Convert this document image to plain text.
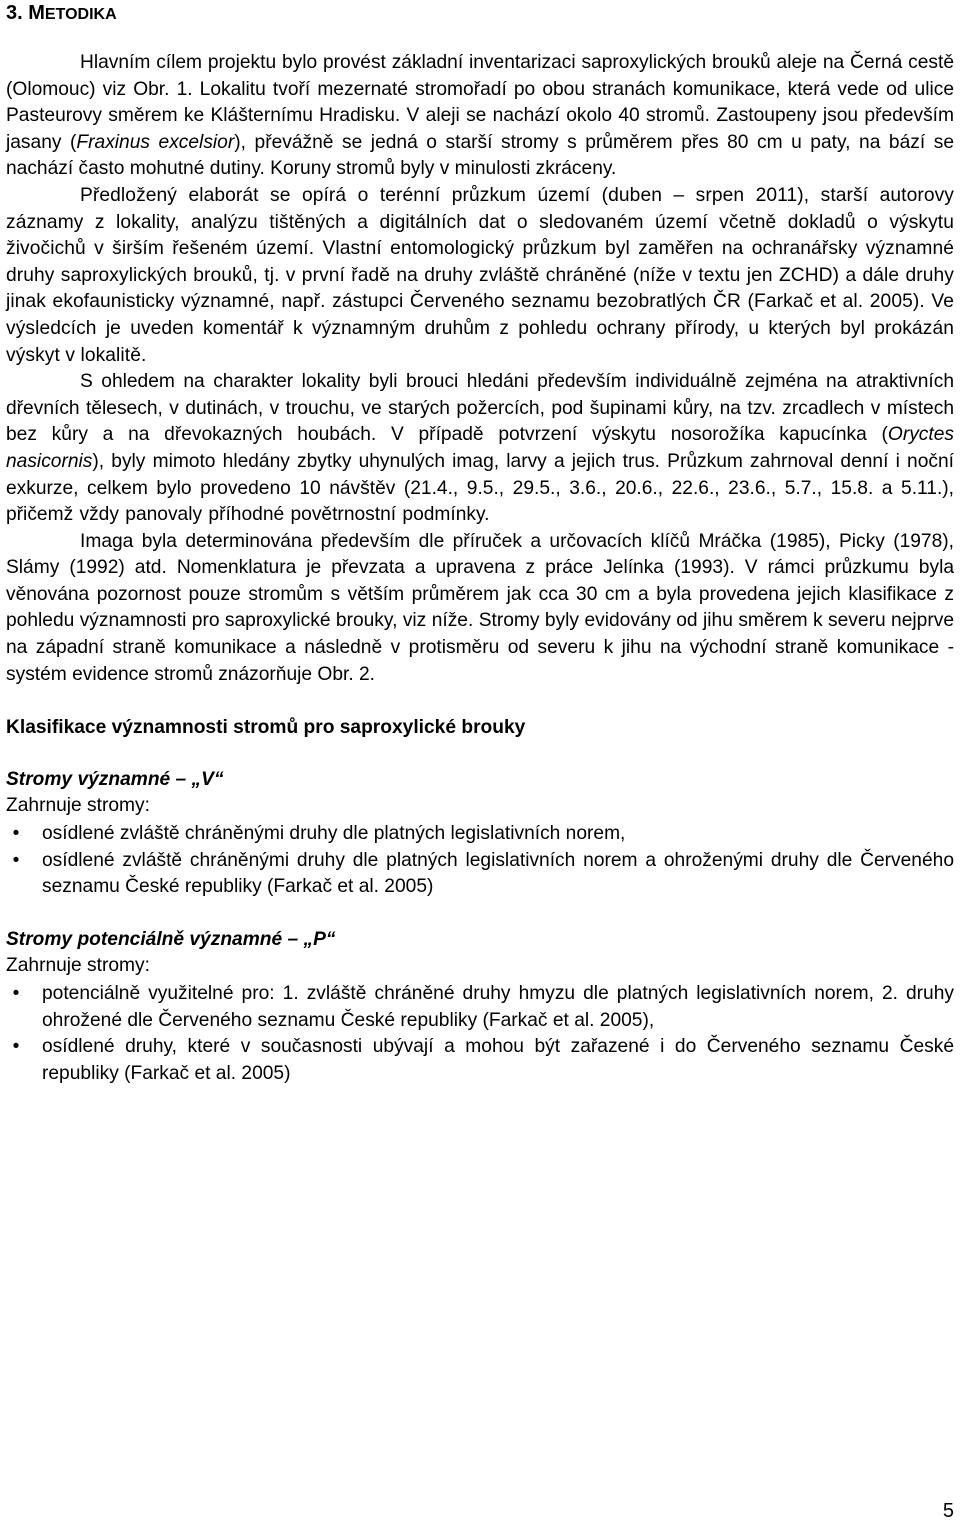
3. METODIKA

Hlavním cílem projektu bylo provést základní inventarizaci saproxylických brouků aleje na Černá cestě (Olomouc) viz Obr. 1. Lokalitu tvoří mezernaté stromořadí po obou stranách komunikace, která vede od ulice Pasteurovy směrem ke Klášternímu Hradisku. V aleji se nachází okolo 40 stromů. Zastoupeny jsou především jasany (Fraxinus excelsior), převážně se jedná o starší stromy s průměrem přes 80 cm u paty, na bází se nachází často mohutné dutiny. Koruny stromů byly v minulosti zkráceny.

Předložený elaborát se opírá o terénní průzkum území (duben – srpen 2011), starší autorovy záznamy z lokality, analýzu tištěných a digitálních dat o sledovaném území včetně dokladů o výskytu živočichů v širším řešeném území. Vlastní entomologický průzkum byl zaměřen na ochranářsky významné druhy saproxylických brouků, tj. v první řadě na druhy zvláště chráněné (níže v textu jen ZCHD) a dále druhy jinak ekofaunisticky významné, např. zástupci Červeného seznamu bezobratlých ČR (Farkač et al. 2005). Ve výsledcích je uveden komentář k významným druhům z pohledu ochrany přírody, u kterých byl prokázán výskyt v lokalitě.

S ohledem na charakter lokality byli brouci hledáni především individuálně zejména na atraktivních dřevních tělesech, v dutinách, v trouchu, ve starých požercích, pod šupinami kůry, na tzv. zrcadlech v místech bez kůry a na dřevokazných houbách. V případě potvrzení výskytu nosorožíka kapucínka (Oryctes nasicornis), byly mimoto hledány zbytky uhynulých imag, larvy a jejich trus. Průzkum zahrnoval denní i noční exkurze, celkem bylo provedeno 10 návštěv (21.4., 9.5., 29.5., 3.6., 20.6., 22.6., 23.6., 5.7., 15.8. a 5.11.), přičemž vždy panovaly příhodné povětrnostní podmínky.

Imaga byla determinována především dle příruček a určovacích klíčů Mráčka (1985), Picky (1978), Slámy (1992) atd. Nomenklatura je převzata a upravena z práce Jelínka (1993). V rámci průzkumu byla věnována pozornost pouze stromům s větším průměrem jak cca 30 cm a byla provedena jejich klasifikace z pohledu významnosti pro saproxylické brouky, viz níže. Stromy byly evidovány od jihu směrem k severu nejprve na západní straně komunikace a následně v protisměru od severu k jihu na východní straně komunikace - systém evidence stromů znázorňuje Obr. 2.

Klasifikace významnosti stromů pro saproxylické brouky
Stromy významné – „V“
Zahrnuje stromy:
•	osídlené zvláště chráněnými druhy dle platných legislativních norem,
•	osídlené zvláště chráněnými druhy dle platných legislativních norem a ohroženými druhy dle Červeného seznamu České republiky (Farkač et al. 2005)
Stromy potenciálně významné – „P“
Zahrnuje stromy:
•	potenciálně využitelné pro: 1. zvláště chráněné druhy hmyzu dle platných legislativních norem, 2. druhy ohrožené dle Červeného seznamu České republiky (Farkač et al. 2005),
•	osídlené druhy, které v současnosti ubývají a mohou být zařazené i do Červeného seznamu České republiky (Farkač et al. 2005)
5
